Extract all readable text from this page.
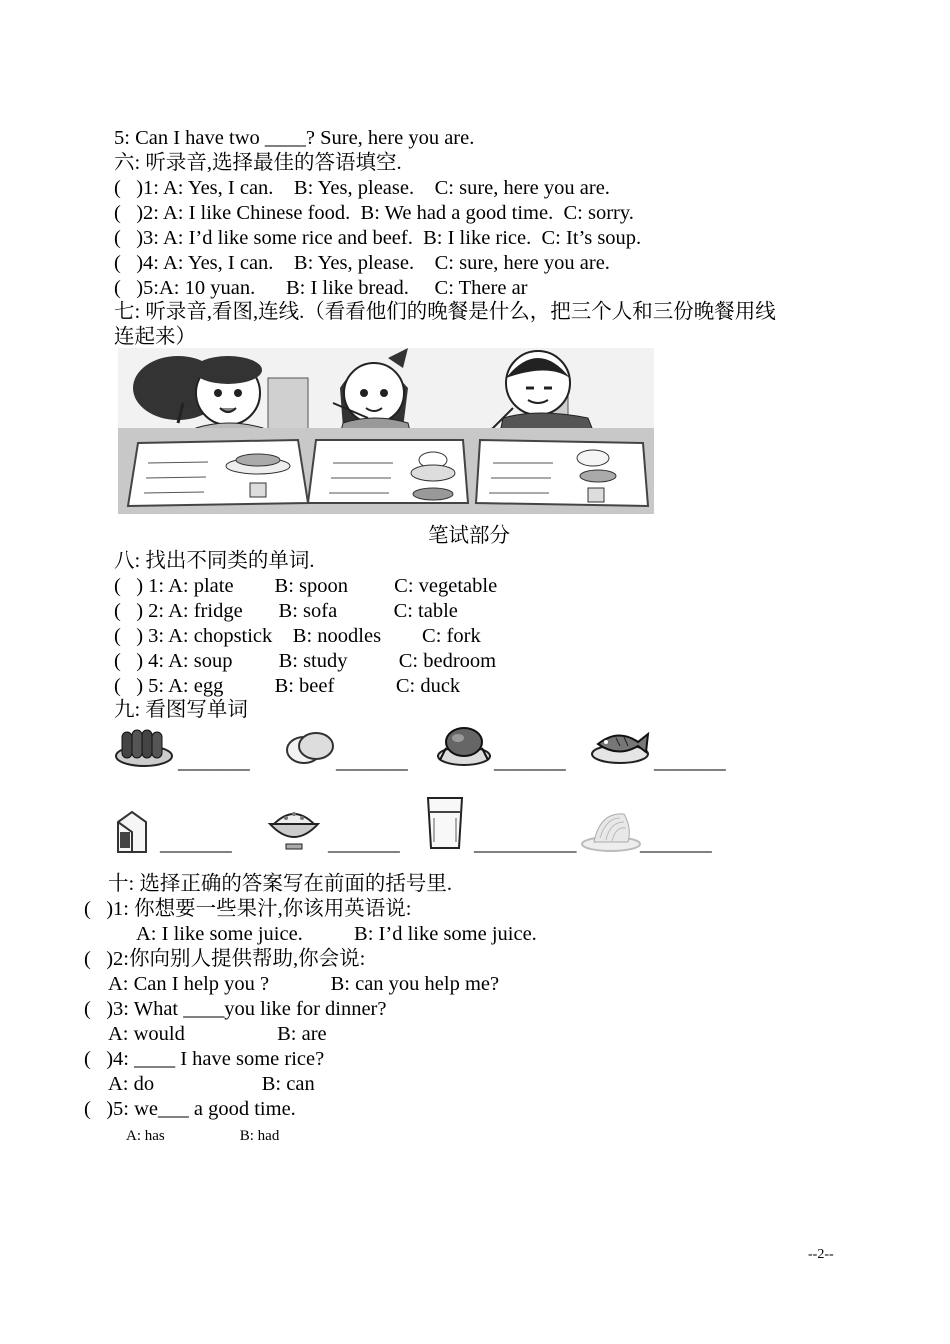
5: Can I have two ____? Sure, here you are.
六: 听录音,选择最佳的答语填空.
(   )1: A: Yes, I can.    B: Yes, please.    C: sure, here you are.
(   )2: A: I like Chinese food.  B: We had a good time.  C: sorry.
(   )3: A: I’d like some rice and beef.  B: I like rice.  C: It’s soup.
(   )4: A: Yes, I can.    B: Yes, please.    C: sure, here you are.
(   )5:A: 10 yuan.      B: I like bread.     C: There ar
七: 听录音,看图,连线.（看看他们的晚餐是什么，把三个人和三份晚餐用线
连起来）
笔试部分
八: 找出不同类的单词.
(   ) 1: A: plate        B: spoon         C: vegetable
(   ) 2: A: fridge       B: sofa           C: table
(   ) 3: A: chopstick    B: noodles        C: fork
(   ) 4: A: soup         B: study          C: bedroom
(   ) 5: A: egg          B: beef            C: duck
九: 看图写单词
_______	_______	_______	_______
_______	_______	__________	_______
十: 选择正确的答案写在前面的括号里.
(   )1: 你想要一些果汁,你该用英语说:
A: I like some juice.          B: I’d like some juice.
(   )2:你向别人提供帮助,你会说:
A: Can I help you ?            B: can you help me?
(   )3: What ____you like for dinner?
A: would                  B: are
(   )4: ____ I have some rice?
A: do                     B: can
(   )5: we___ a good time.
A: has                    B: had
--2--
